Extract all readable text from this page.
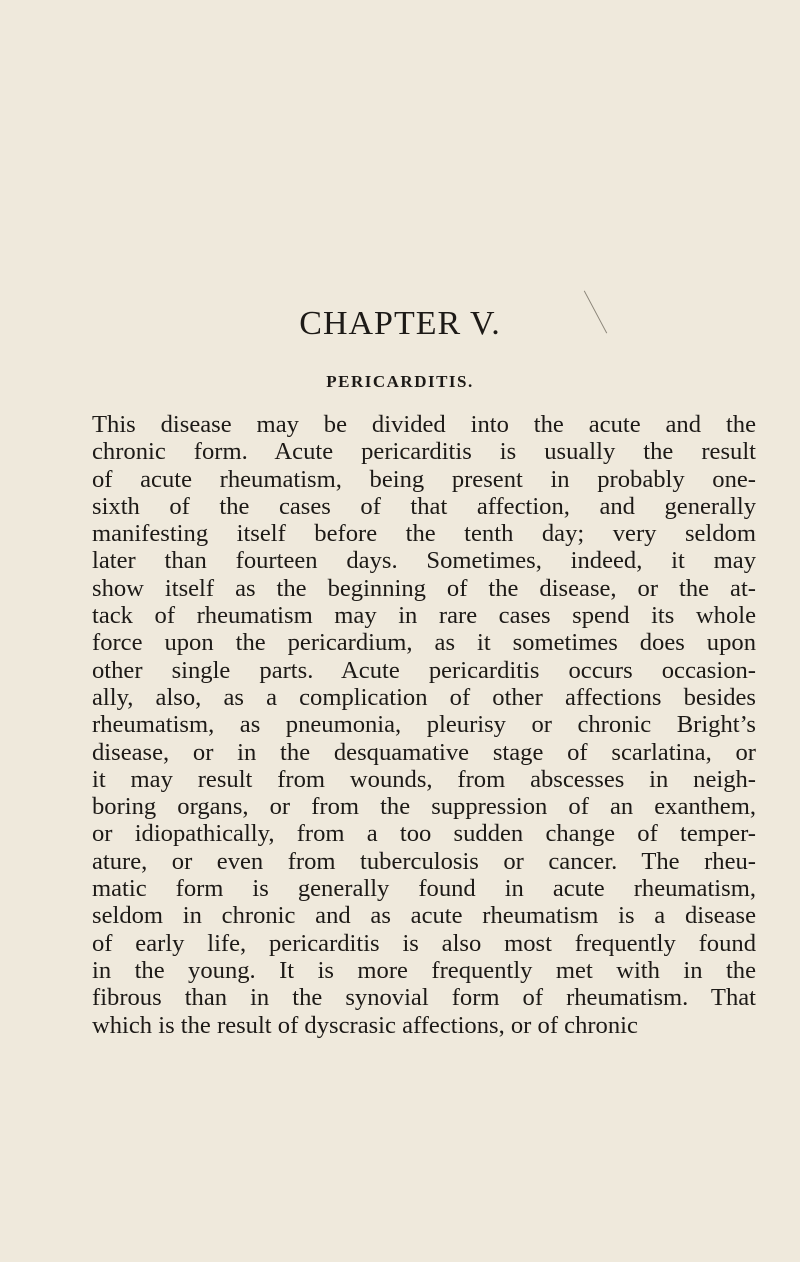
CHAPTER V.
PERICARDITIS.
This disease may be divided into the acute and the
chronic form. Acute pericarditis is usually the result
of acute rheumatism, being present in probably one-
sixth of the cases of that affection, and generally
manifesting itself before the tenth day; very seldom
later than fourteen days. Sometimes, indeed, it may
show itself as the beginning of the disease, or the at-
tack of rheumatism may in rare cases spend its whole
force upon the pericardium, as it sometimes does upon
other single parts. Acute pericarditis occurs occasion-
ally, also, as a complication of other affections besides
rheumatism, as pneumonia, pleurisy or chronic Bright’s
disease, or in the desquamative stage of scarlatina, or
it may result from wounds, from abscesses in neigh-
boring organs, or from the suppression of an exanthem,
or idiopathically, from a too sudden change of temper-
ature, or even from tuberculosis or cancer. The rheu-
matic form is generally found in acute rheumatism,
seldom in chronic and as acute rheumatism is a disease
of early life, pericarditis is also most frequently found
in the young. It is more frequently met with in the
fibrous than in the synovial form of rheumatism. That
which is the result of dyscrasic affections, or of chronic
